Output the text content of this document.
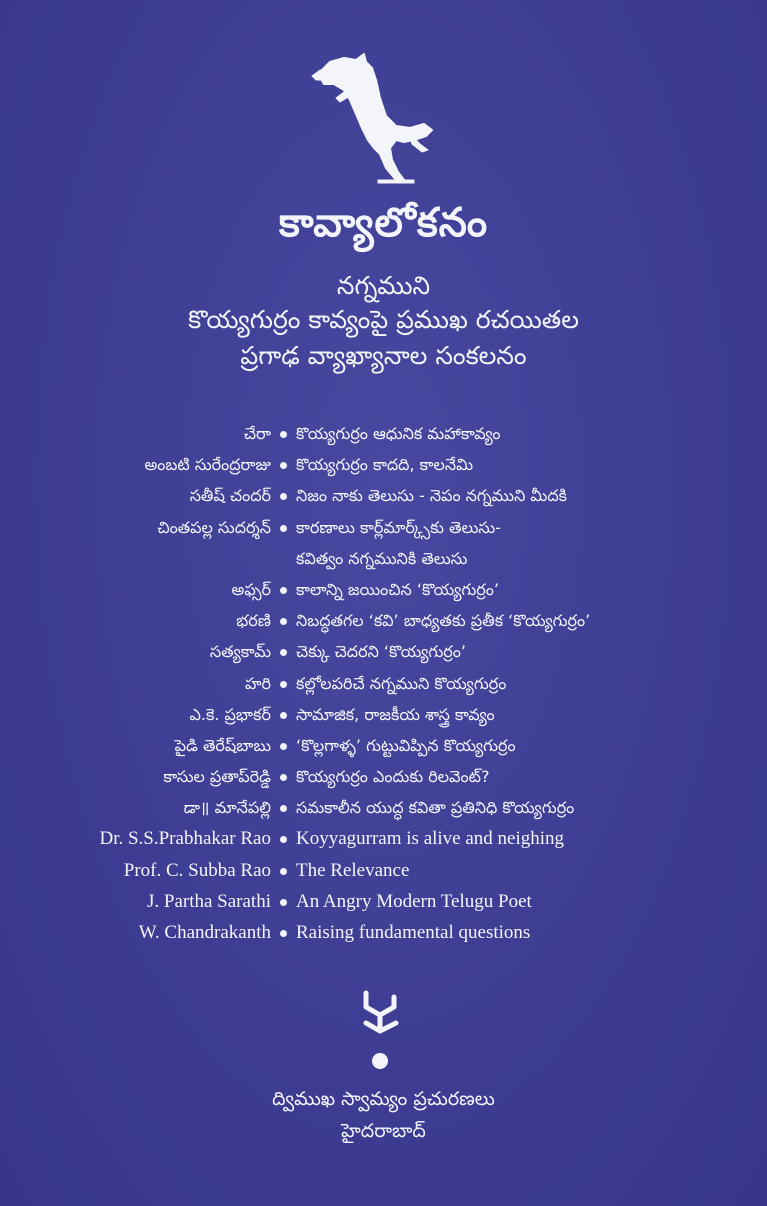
కావ్యాలోకనం
నగ్నముని
కొయ్యగుర్రం కావ్యంపై ప్రముఖ రచయితల
ప్రగాఢ వ్యాఖ్యానాల సంకలనం
చేరా కొయ్యగుర్రం ఆధునిక మహాకావ్యం
అంబటి సురేంద్రరాజు కొయ్యగుర్రం కాదది, కాలనేమి
సతీష్ చందర్ నిజం నాకు తెలుసు - నెపం నగ్నముని మీదకి
చింతపల్ల సుదర్శన్ కారణాలు కార్ల్‌మార్క్స్‌కు తెలుసు-
కవిత్వం నగ్నమునికి తెలుసు
అఫ్సర్ కాలాన్ని జయించిన ‘కొయ్యగుర్రం’
భరణి నిబద్ధతగల ‘కవి’ బాధ్యతకు ప్రతీక ‘కొయ్యగుర్రం’
సత్యకామ్ చెక్కు చెదరని ‘కొయ్యగుర్రం’
హరి కల్లోలపరిచే నగ్నముని కొయ్యగుర్రం
ఎ.కె. ప్రభాకర్ సామాజిక, రాజకీయ శాస్త్ర కావ్యం
పైడి తెరేష్‌బాబు ‘కొల్లగాళ్ళ’ గుట్టువిప్పిన కొయ్యగుర్రం
కాసుల ప్రతాప్‌రెడ్డి కొయ్యగుర్రం ఎందుకు రిలవెంట్?
డా॥ మానేపల్లి సమకాలీన యుద్ధ కవితా ప్రతినిధి కొయ్యగుర్రం
Dr. S.S.Prabhakar Rao Koyyagurram is alive and neighing
Prof. C. Subba Rao The Relevance
J. Partha Sarathi An Angry Modern Telugu Poet
W. Chandrakanth Raising fundamental questions
ద్విముఖ స్వామ్యం ప్రచురణలు
హైదరాబాద్
